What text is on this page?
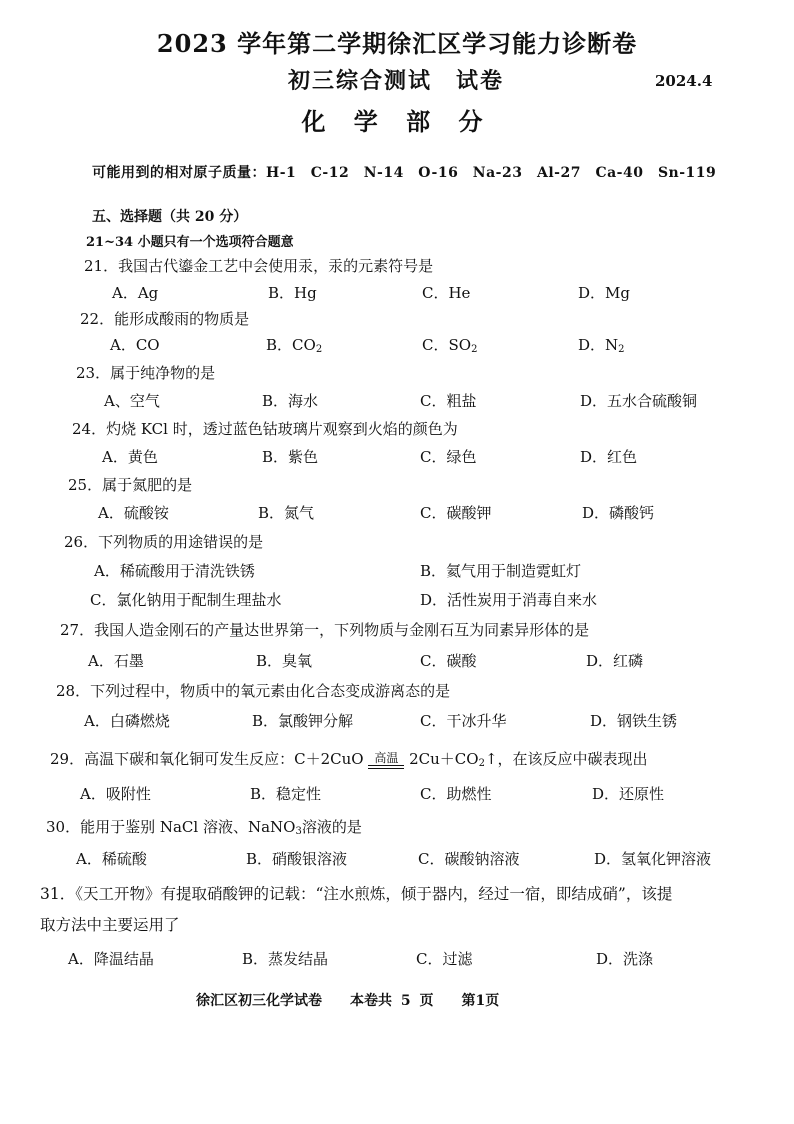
2023 学年第二学期徐汇区学习能力诊断卷
初三综合测试　试卷	2024.4
化 学 部 分
可能用到的相对原子质量：H-1　C-12　N-14　O-16　Na-23　Al-27　Ca-40　Sn-119
五、选择题（共 20 分）
21~34 小题只有一个选项符合题意
21．我国古代鎏金工艺中会使用汞，汞的元素符号是
A．Ag	B．Hg	C．He	D．Mg
22．能形成酸雨的物质是
A．CO	B．$CO_2$	C．$SO_2$	D．$N_2$
23．属于纯净物的是
A、空气	B．海水	C．粗盐	D．五水合硫酸铜
24．灼烧 KCl 时，透过蓝色钴玻璃片观察到火焰的颜色为
A．黄色	B．紫色	C．绿色	D．红色
25．属于氮肥的是
A．硫酸铵	B．氮气	C．碳酸钾	D．磷酸钙
26．下列物质的用途错误的是
A．稀硫酸用于清洗铁锈	B．氦气用于制造霓虹灯
C．氯化钠用于配制生理盐水	D．活性炭用于消毒自来水
27．我国人造金刚石的产量达世界第一，下列物质与金刚石互为同素异形体的是
A．石墨	B．臭氧	C．碳酸	D．红磷
28．下列过程中，物质中的氧元素由化合态变成游离态的是
A．白磷燃烧	B．氯酸钾分解	C．干冰升华	D．钢铁生锈
29．高温下碳和氧化铜可发生反应：C＋2CuO 高温 $2Cu+CO_2↑$，在该反应中碳表现出
A．吸附性	B．稳定性	C．助燃性	D．还原性
30．能用于鉴别 NaCl 溶液、NaNO$_3$溶液的是
A．稀硫酸	B．硝酸银溶液	C．碳酸钠溶液	D．氢氧化钾溶液
31．《天工开物》有提取硝酸钾的记载：“注水煎炼，倾于器内，经过一宿，即结成硝”，该提
取方法中主要运用了
A．降温结晶	B．蒸发结晶	C．过滤	D．洗涤
徐汇区初三化学试卷　　本卷共 5 页　　第1页
